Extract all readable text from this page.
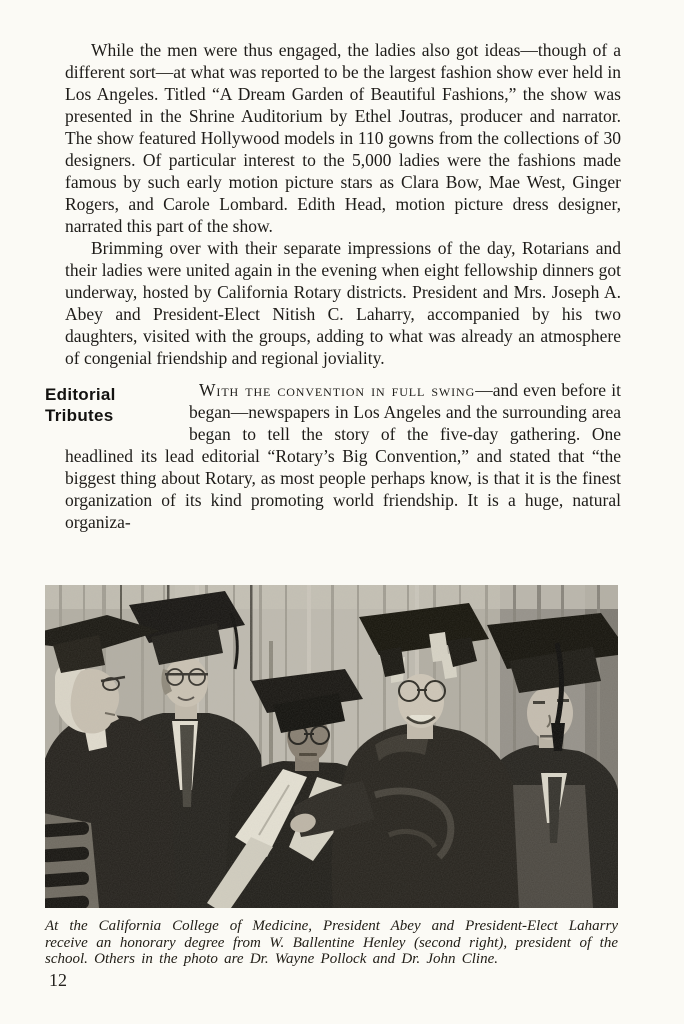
While the men were thus engaged, the ladies also got ideas—though of a different sort—at what was reported to be the largest fashion show ever held in Los Angeles. Titled “A Dream Garden of Beautiful Fashions,” the show was presented in the Shrine Auditorium by Ethel Joutras, producer and narrator. The show featured Hollywood models in 110 gowns from the collections of 30 designers. Of particular interest to the 5,000 ladies were the fashions made famous by such early motion picture stars as Clara Bow, Mae West, Ginger Rogers, and Carole Lombard. Edith Head, motion picture dress designer, narrated this part of the show.

Brimming over with their separate impressions of the day, Rotarians and their ladies were united again in the evening when eight fellowship dinners got underway, hosted by California Rotary districts. President and Mrs. Joseph A. Abey and President-Elect Nitish C. Laharry, accompanied by his two daughters, visited with the groups, adding to what was already an atmosphere of congenial friendship and regional joviality.

Editorial
Tributes

With the convention in full swing—and even before it began—newspapers in Los Angeles and the surrounding area began to tell the story of the five-day gathering. One headlined its lead editorial “Rotary’s Big Convention,” and stated that “the biggest thing about Rotary, as most people perhaps know, is that it is the finest organization of its kind promoting world friendship. It is a huge, natural organiza-

At the California College of Medicine, President Abey and President-Elect Laharry receive an honorary degree from W. Ballentine Henley (second right), president of the school. Others in the photo are Dr. Wayne Pollock and Dr. John Cline.
12
